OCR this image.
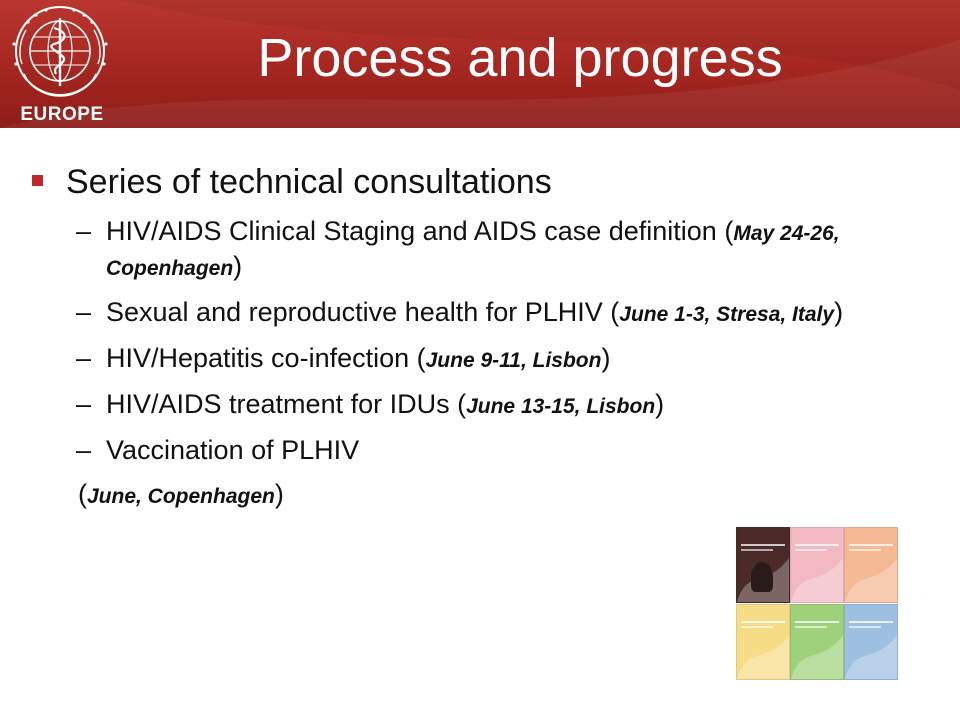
EUROPE
Process and progress
Series of technical consultations
– HIV/AIDS Clinical Staging and AIDS case definition (May 24-26, Copenhagen)
– Sexual and reproductive health for PLHIV (June 1-3, Stresa, Italy)
– HIV/Hepatitis co-infection (June 9-11, Lisbon)
– HIV/AIDS treatment for IDUs (June 13-15, Lisbon)
– Vaccination of PLHIV
(June, Copenhagen)
